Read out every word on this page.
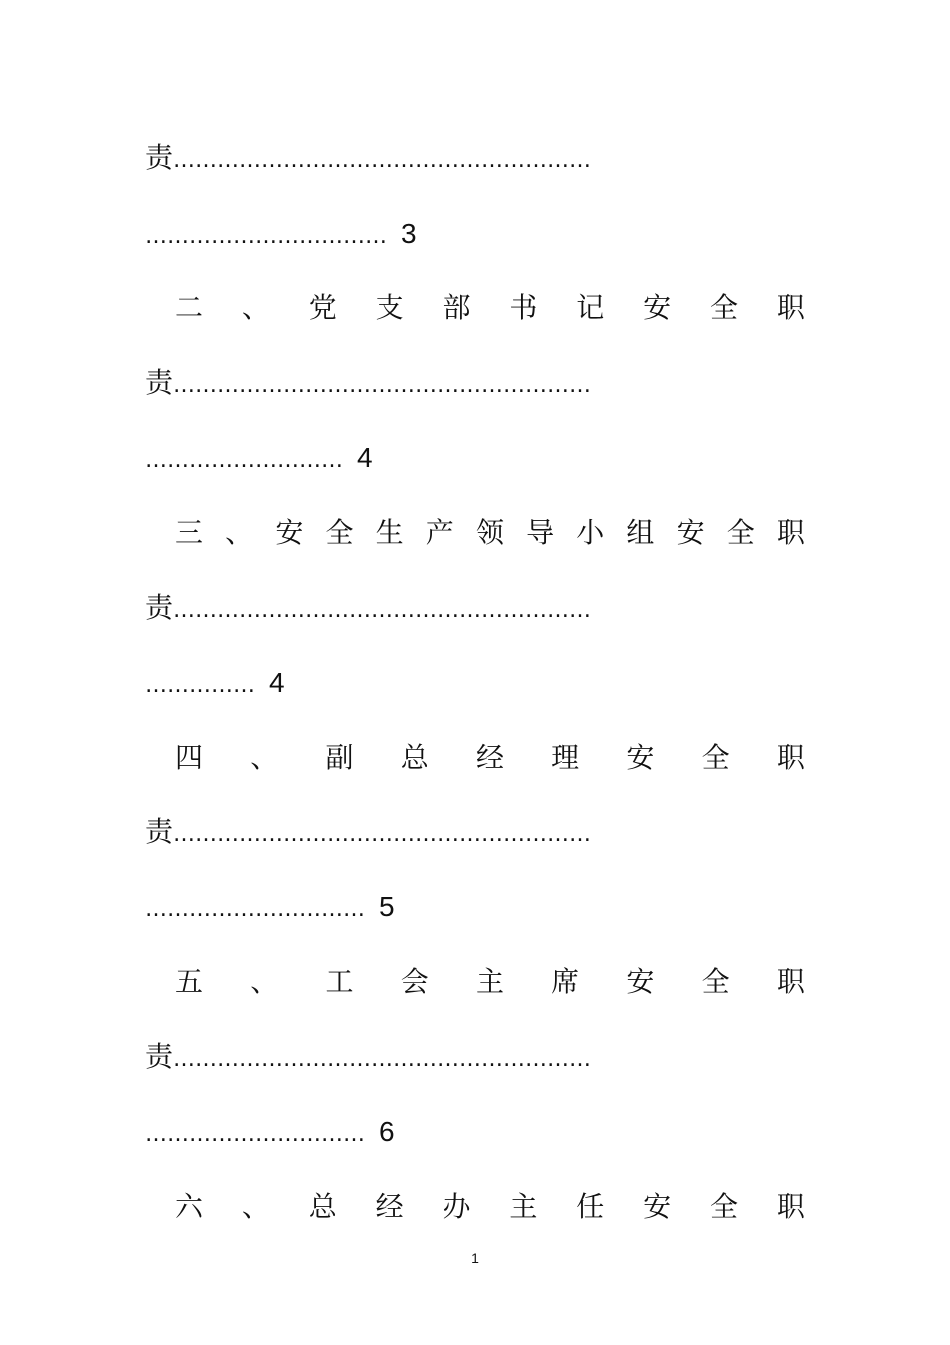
责…………………………………………………
…………………………… 3
二 、 党 支 部 书 记 安 全 职
责…………………………………………………
……………………… 4
三 、 安 全 生 产 领 导 小 组 安 全 职
责…………………………………………………
…………… 4
四 、 副 总 经 理 安 全 职
责…………………………………………………
………………………… 5
五 、 工 会 主 席 安 全 职
责…………………………………………………
………………………… 6
六 、 总 经 办 主 任 安 全 职
1
